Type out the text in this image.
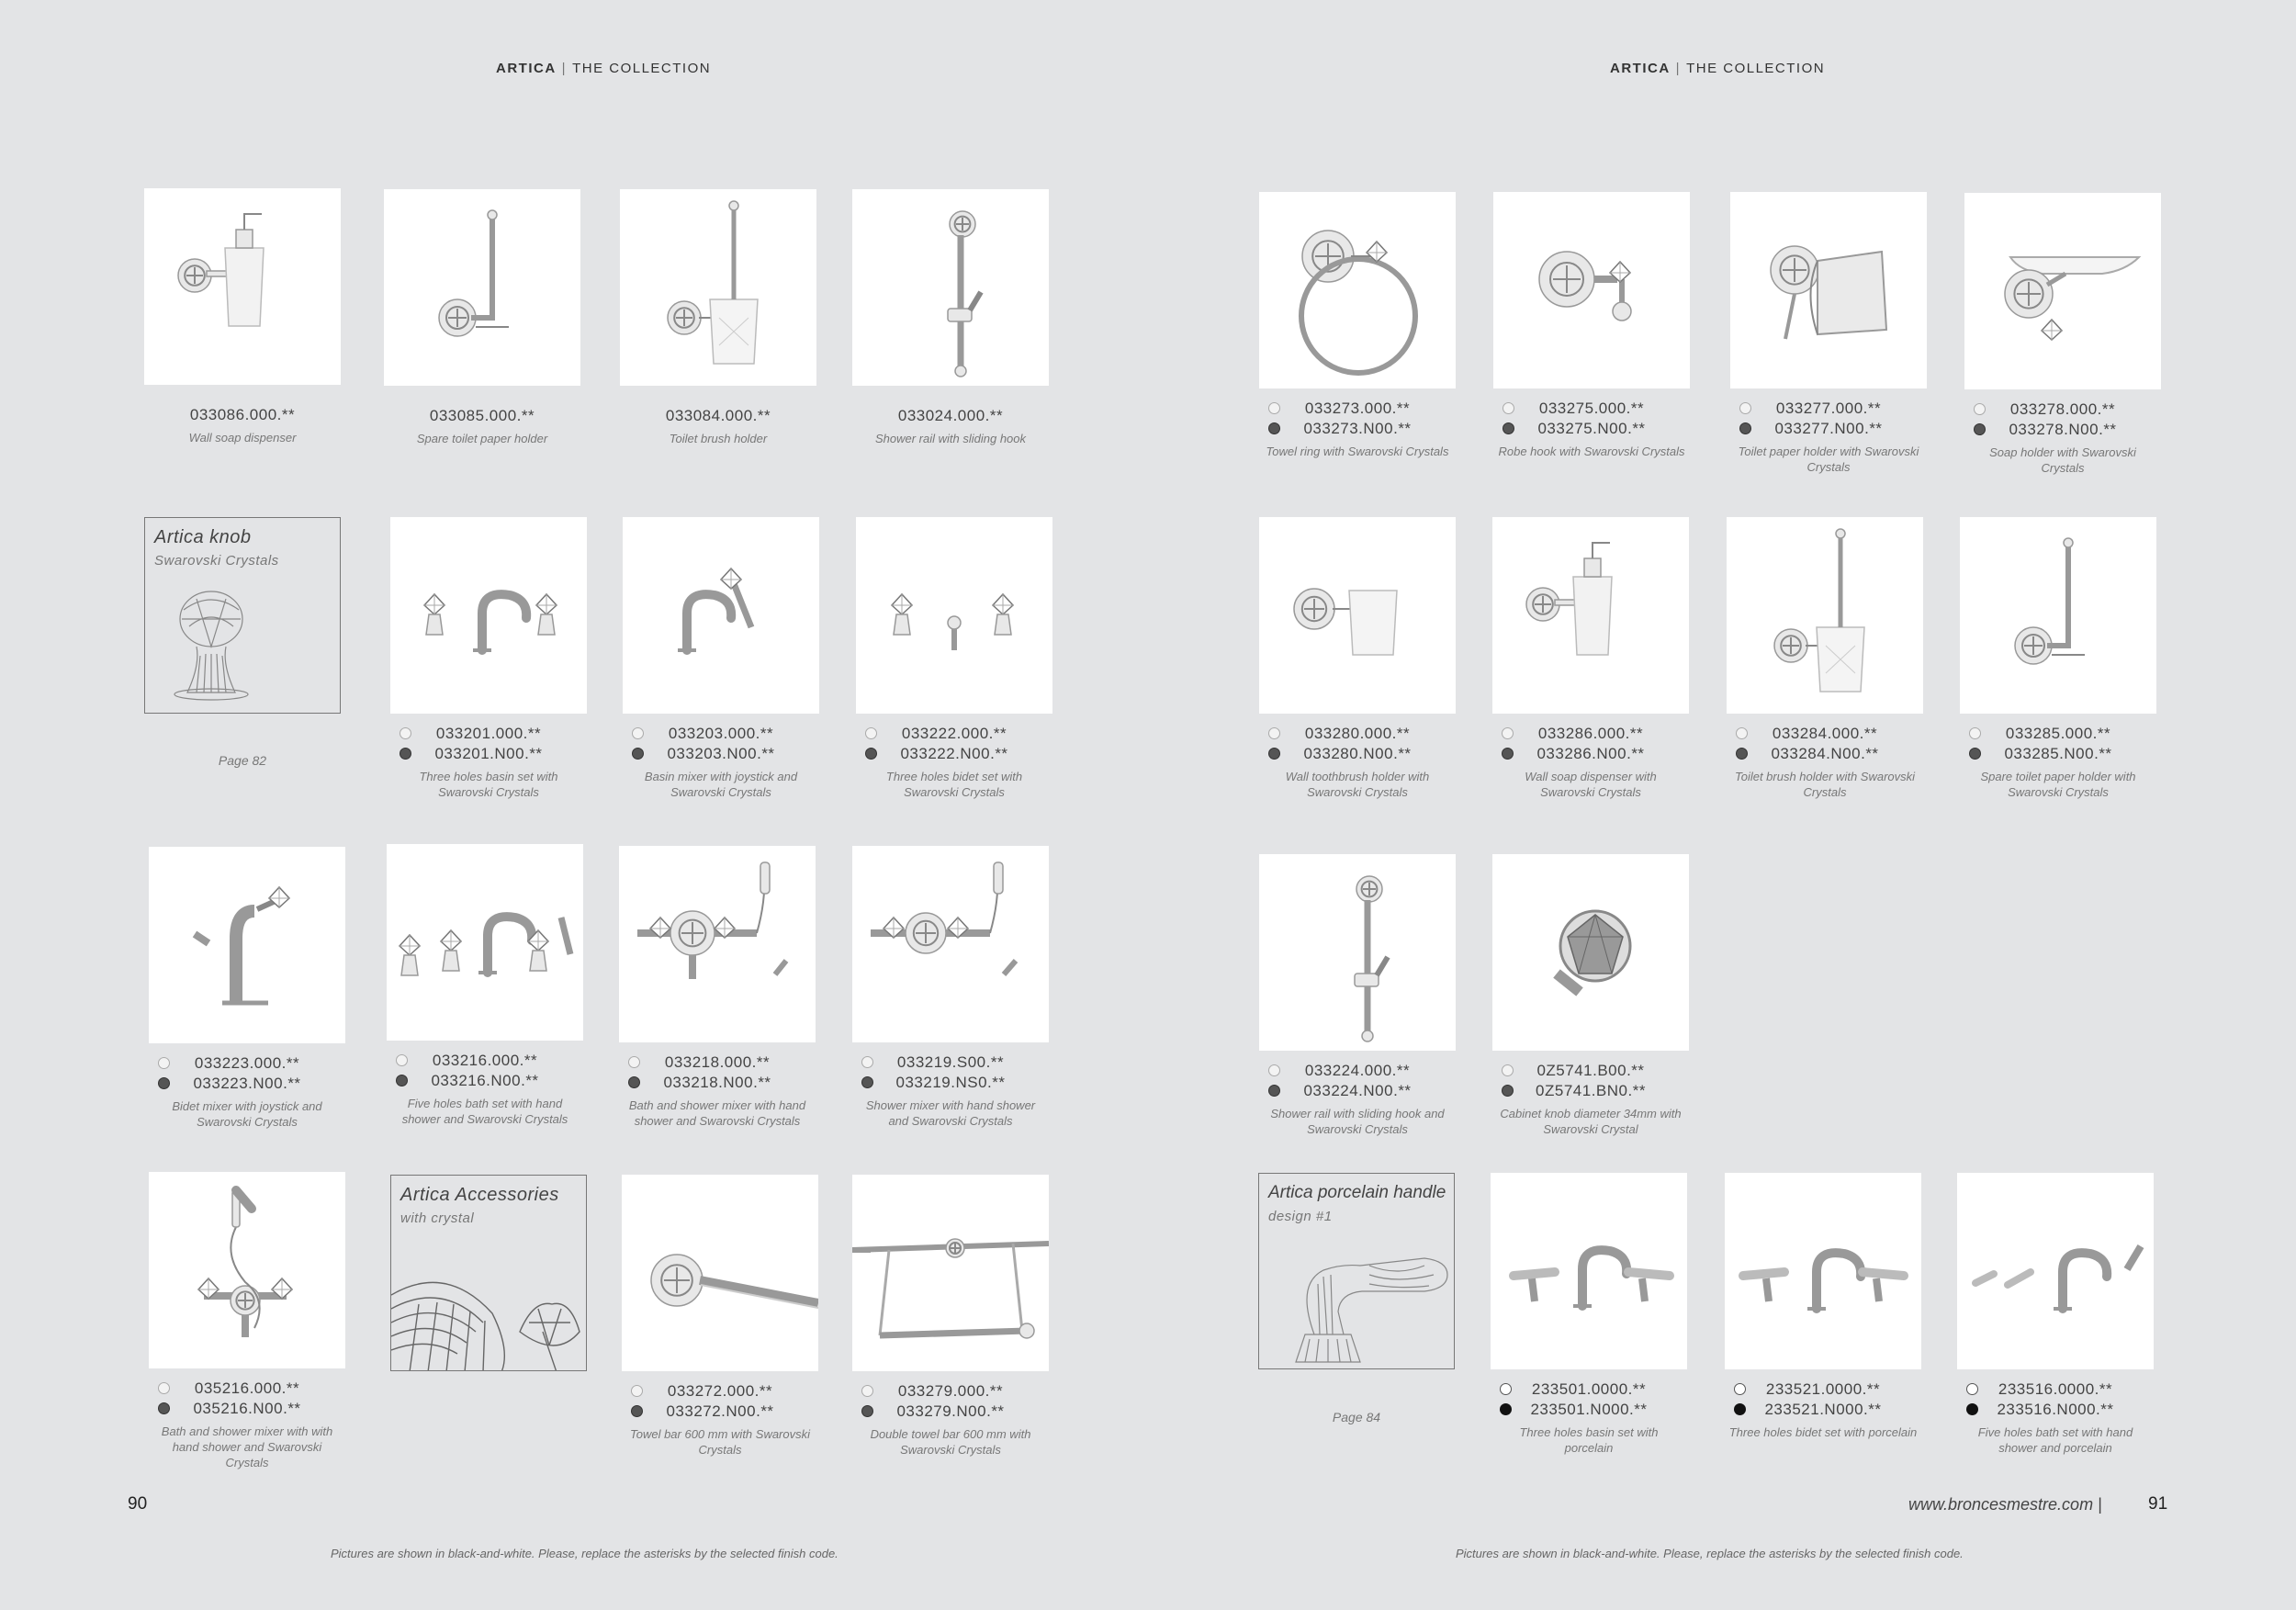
ARTICA | THE COLLECTION	ARTICA | THE COLLECTION
033086.000.**
Wall soap dispenser
033085.000.**
Spare toilet paper holder
033084.000.**
Toilet brush holder
033024.000.**
Shower rail with sliding hook
033201.000.**
033201.N00.**
Three holes basin set with Swarovski Crystals
033203.000.**
033203.N00.**
Basin mixer with joystick and Swarovski Crystals
033222.000.**
033222.N00.**
Three holes bidet set with Swarovski Crystals
033223.000.**
033223.N00.**
Bidet mixer with joystick and Swarovski Crystals
033216.000.**
033216.N00.**
Five holes bath set with hand shower and Swarovski Crystals
033218.000.**
033218.N00.**
Bath and shower mixer with hand shower and Swarovski Crystals
033219.S00.**
033219.NS0.**
Shower mixer with hand shower and Swarovski Crystals
035216.000.**
035216.N00.**
Bath and shower mixer with with hand shower and Swarovski Crystals
033272.000.**
033272.N00.**
Towel bar 600 mm with Swarovski Crystals
033279.000.**
033279.N00.**
Double towel bar 600 mm with Swarovski Crystals
033273.000.**
033273.N00.**
Towel ring with Swarovski Crystals
033275.000.**
033275.N00.**
Robe hook with Swarovski Crystals
033277.000.**
033277.N00.**
Toilet paper holder with Swarovski Crystals
033278.000.**
033278.N00.**
Soap holder with Swarovski Crystals
033280.000.**
033280.N00.**
Wall toothbrush holder with Swarovski Crystals
033286.000.**
033286.N00.**
Wall soap dispenser with Swarovski Crystals
033284.000.**
033284.N00.**
Toilet brush holder with Swarovski Crystals
033285.000.**
033285.N00.**
Spare toilet paper holder with Swarovski Crystals
033224.000.**
033224.N00.**
Shower rail with sliding hook and Swarovski Crystals
0Z5741.B00.**
0Z5741.BN0.**
Cabinet knob diameter 34mm with Swarovski Crystal
233501.0000.**
233501.N000.**
Three holes basin set with porcelain
233521.0000.**
233521.N000.**
Three holes bidet set with porcelain
233516.0000.**
233516.N000.**
Five holes bath set with hand shower and porcelain
Artica knob
Swarovski Crystals
Page 82
Artica Accessories
with crystal
Artica porcelain handle
design #1
Page 84
90	www.broncesmestre.com |	91
Pictures are shown in black-and-white. Please, replace the asterisks by the selected finish code.	Pictures are shown in black-and-white. Please, replace the asterisks by the selected finish code.
